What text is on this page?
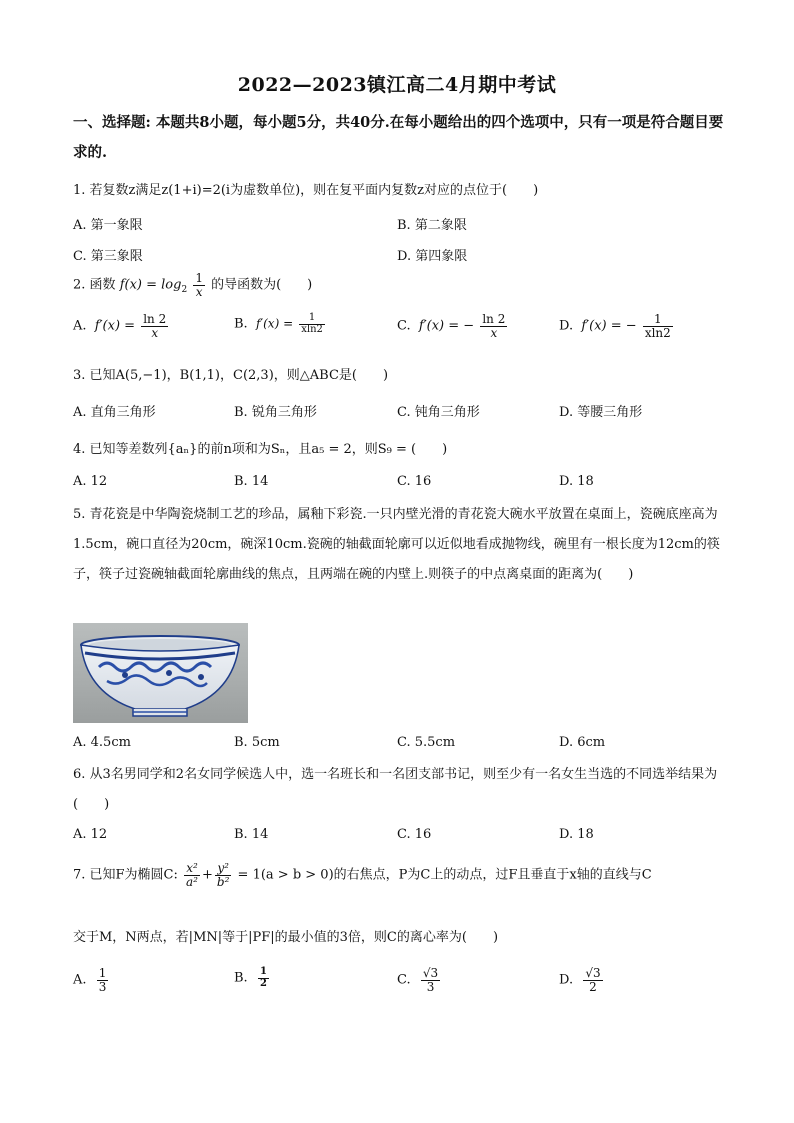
2022—2023镇江高二4月期中考试
一、选择题: 本题共8小题，每小题5分，共40分.在每小题给出的四个选项中，只有一项是符合题目要求的.
1. 若复数z满足z(1+i)=2(i为虚数单位)，则在复平面内复数z对应的点位于(　　)
A. 第一象限	B. 第二象限
C. 第三象限	D. 第四象限
2. 函数 $f(x) = \log_2 \frac{1}{x}$ 的导函数为(　　)
A. $f'(x) = \frac{\ln 2}{x}$	B. $f'(x) = \frac{1}{xln2}$	C. f′(x) = − $\frac{\ln 2}{x}$	D. f′(x) = − $\frac{1}{xln2}$
3. 已知A(5,−1)，B(1,1)，C(2,3)，则△ABC是(　　)
A. 直角三角形	B. 锐角三角形	C. 钝角三角形	D. 等腰三角形
4. 已知等差数列{aₙ}的前n项和为Sₙ，且a₅ = 2，则S₉ = (　　)
A. 12	B. 14	C. 16	D. 18
5. 青花瓷是中华陶瓷烧制工艺的珍品，属釉下彩瓷.一只内壁光滑的青花瓷大碗水平放置在桌面上，瓷碗底座高为1.5cm，碗口直径为20cm，碗深10cm.瓷碗的轴截面轮廓可以近似地看成抛物线，碗里有一根长度为12cm的筷子，筷子过瓷碗轴截面轮廓曲线的焦点，且两端在碗的内壁上.则筷子的中点离桌面的距离为(　　)
A. 4.5cm	B. 5cm	C. 5.5cm	D. 6cm
6. 从3名男同学和2名女同学候选人中，选一名班长和一名团支部书记，则至少有一名女生当选的不同选举结果为(　　)
A. 12	B. 14	C. 16	D. 18
7. 已知F为椭圆C: $\frac{\text{x²}}{\text{a²}} + \frac{\text{y²}}{\text{b²}} = 1(a > b > 0)$的右焦点，P为C上的动点，过F且垂直于x轴的直线与C
交于M，N两点，若|MN|等于|PF|的最小值的3倍，则C的离心率为(　　)
A. $\frac{1}{3}$	B. $\frac{1}{2}$	C. $\frac{√3}{3}$	D. $\frac{√3}{2}$
